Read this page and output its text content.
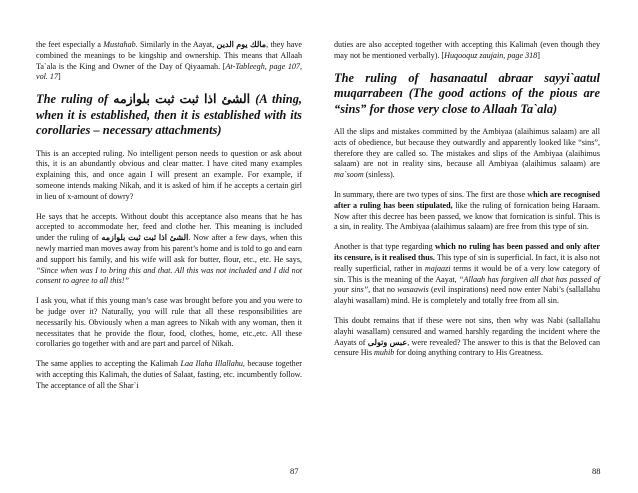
the feet especially a Mustahab. Similarly in the Aayat, مالك يوم الدين, they have combined the meanings to be kingship and ownership. This means that Allaah Ta`ala is the King and Owner of the Day of Qiyaamah. [At-Tableegh, page 107, vol. 17]

The ruling of الشئ اذا ثبت ثبت بلوازمه (A thing, when it is established, then it is established with its corollaries – necessary attachments)

This is an accepted ruling. No intelligent person needs to question or ask about this, it is an abundantly obvious and clear matter. I have cited many examples explaining this, and once again I will present an example. For example, if someone intends making Nikah, and it is asked of him if he accepts a certain girl in lieu of x-amount of dowry?

He says that he accepts. Without doubt this acceptance also means that he has accepted to accommodate her, feed and clothe her. This meaning is included under the ruling of الشئ اذا ثبت ثبت بلوازمه. Now after a few days, when this newly married man moves away from his parent’s home and is told to go and earn and support his family, and his wife will ask for butter, flour, etc., etc. He says, “Since when was I to bring this and that. All this was not included and I did not consent to agree to all this!”

I ask you, what if this young man’s case was brought before you and you were to be judge over it? Naturally, you will rule that all these responsibilities are necessarily his. Obviously when a man agrees to Nikah with any woman, then it necessitates that he provide the flour, food, clothes, home, etc.,etc. All these corollaries go together with and are part and parcel of Nikah.

The same applies to accepting the Kalimah Laa Ilaha Illallahu, because together with accepting this Kalimah, the duties of Salaat, fasting, etc. incumbently follow. The acceptance of all the Shar`i

87

duties are also accepted together with accepting this Kalimah (even though they may not be mentioned verbally). [Huqooquz zaujain, page 318]

The ruling of hasanaatul abraar sayyi`aatul muqarrabeen (The good actions of the pious are “sins” for those very close to Allaah Ta`ala)

All the slips and mistakes committed by the Ambiyaa (alaihimus salaam) are all acts of obedience, but because they outwardly and apparently looked like “sins”, therefore they are called so. The mistakes and slips of the Ambiyaa (alaihimus salaam) are not in reality sins, because all Ambiyaa (alaihimus salaam) are ma`soom (sinless).

In summary, there are two types of sins. The first are those which are recognised after a ruling has been stipulated, like the ruling of fornication being Haraam. Now after this decree has been passed, we know that fornication is sinful. This is a sin, in reality. The Ambiyaa (alaihimus salaam) are free from this type of sin.

Another is that type regarding which no ruling has been passed and only after its censure, is it realised thus. This type of sin is superficial. In fact, it is also not really superficial, rather in majaazi terms it would be of a very low category of sin. This is the meaning of the Aayat, “Allaah has forgiven all that has passed of your sins”, that no wasaawis (evil inspirations) need now enter Nabi’s (sallallahu alayhi wasallam) mind. He is completely and totally free from all sin.

This doubt remains that if these were not sins, then why was Nabi (sallallahu alayhi wasallam) censured and warned harshly regarding the incident where the Aayats of عبس وتولى, were revealed? The answer to this is that the Beloved can censure His muhib for doing anything contrary to His Greatness.

88
